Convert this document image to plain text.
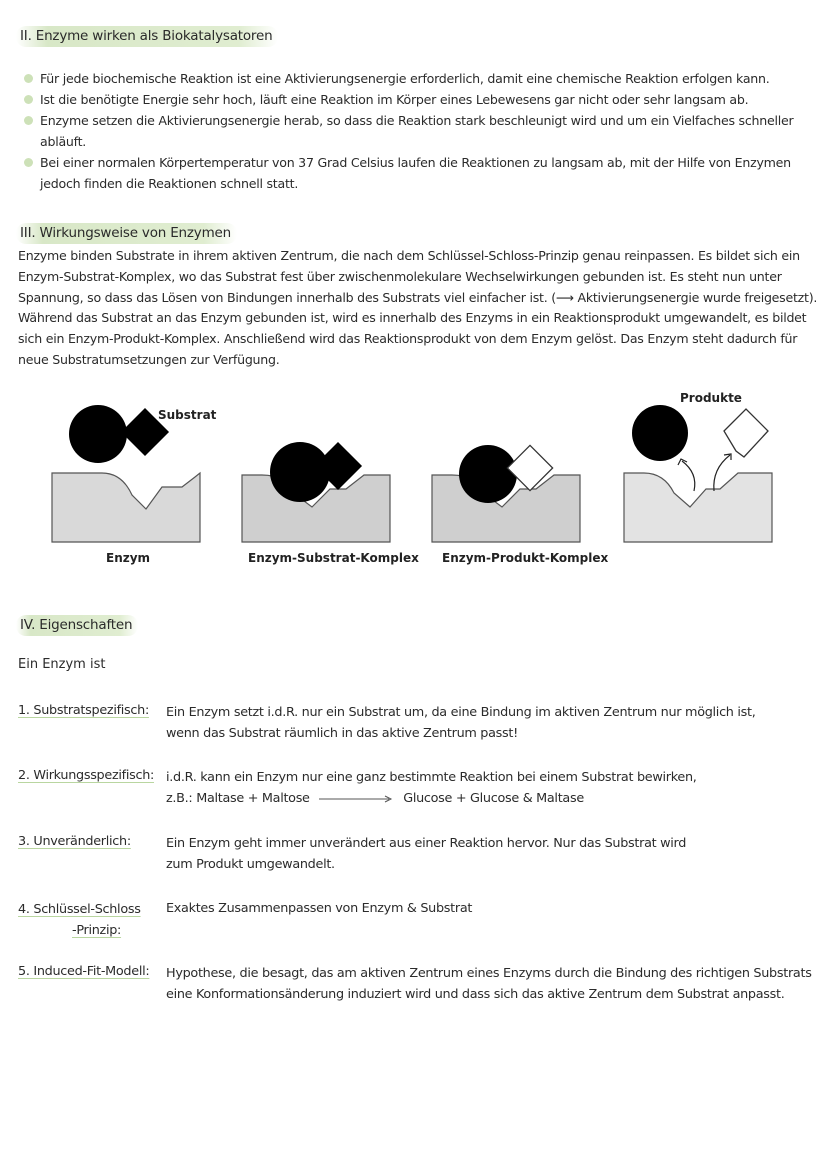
II. Enzyme wirken als Biokatalysatoren
Für jede biochemische Reaktion ist eine Aktivierungsenergie erforderlich, damit eine chemische Reaktion erfolgen kann.
Ist die benötigte Energie sehr hoch, läuft eine Reaktion im Körper eines Lebewesens gar nicht oder sehr langsam ab.
Enzyme setzen die Aktivierungsenergie herab, so dass die Reaktion stark beschleunigt wird und um ein Vielfaches schneller abläuft.
Bei einer normalen Körpertemperatur von 37 Grad Celsius laufen die Reaktionen zu langsam ab, mit der Hilfe von Enzymen jedoch finden die Reaktionen schnell statt.
III. Wirkungsweise von Enzymen

Enzyme binden Substrate in ihrem aktiven Zentrum, die nach dem Schlüssel-Schloss-Prinzip genau reinpassen. Es bildet sich ein Enzym-Substrat-Komplex, wo das Substrat fest über zwischenmolekulare Wechselwirkungen gebunden ist. Es steht nun unter Spannung, so dass das Lösen von Bindungen innerhalb des Substrats viel einfacher ist. (⟶ Aktivierungsenergie wurde freigesetzt). Während das Substrat an das Enzym gebunden ist, wird es innerhalb des Enzyms in ein Reaktionsprodukt umgewandelt, es bildet sich ein Enzym-Produkt-Komplex. Anschließend wird das Reaktionsprodukt von dem Enzym gelöst. Das Enzym steht dadurch für neue Substratumsetzungen zur Verfügung.

Substrat
Enzym	Enzym-Substrat-Komplex Enzym-Produkt-Komplex
Produkte
IV. Eigenschaften
Ein Enzym ist
1. Substratspezifisch: Ein Enzym setzt i.d.R. nur ein Substrat um, da eine Bindung im aktiven Zentrum nur möglich ist,
wenn das Substrat räumlich in das aktive Zentrum passt!
2. Wirkungsspezifisch: i.d.R. kann ein Enzym nur eine ganz bestimmte Reaktion bei einem Substrat bewirken,
z.B.: Maltase + Maltose	Glucose + Glucose & Maltase
3. Unveränderlich:	Ein Enzym geht immer unverändert aus einer Reaktion hervor. Nur das Substrat wird
zum Produkt umgewandelt.
4. Schlüssel-Schloss
-Prinzip:
Exaktes Zusammenpassen von Enzym & Substrat
5. Induced-Fit-Modell: Hypothese, die besagt, das am aktiven Zentrum eines Enzyms durch die Bindung des richtigen Substrats
eine Konformationsänderung induziert wird und dass sich das aktive Zentrum dem Substrat anpasst.
